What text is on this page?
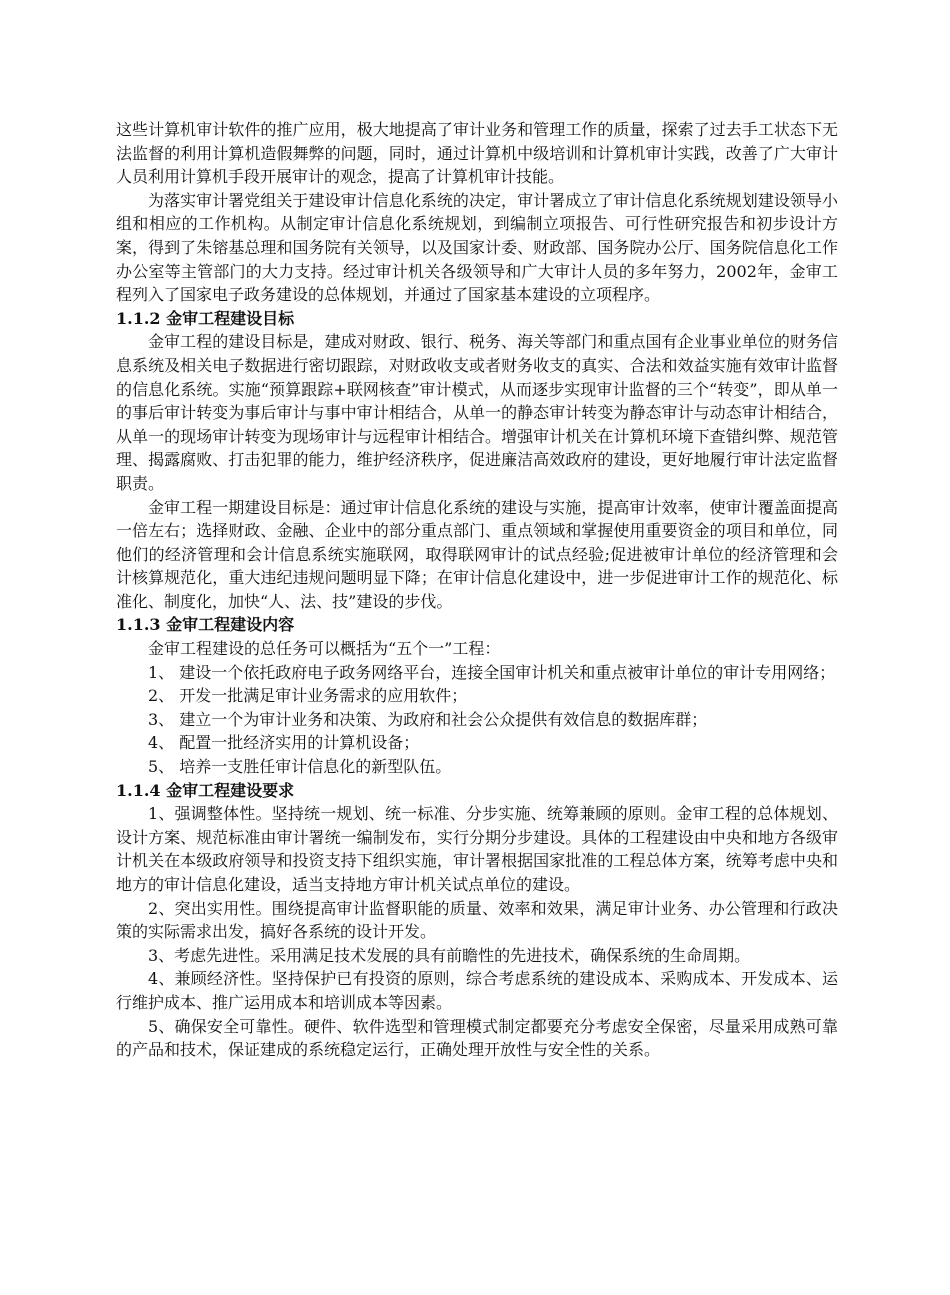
这些计算机审计软件的推广应用，极大地提高了审计业务和管理工作的质量，探索了过去手工状态下无法监督的利用计算机造假舞弊的问题，同时，通过计算机中级培训和计算机审计实践，改善了广大审计人员利用计算机手段开展审计的观念，提高了计算机审计技能。

为落实审计署党组关于建设审计信息化系统的决定，审计署成立了审计信息化系统规划建设领导小组和相应的工作机构。从制定审计信息化系统规划，到编制立项报告、可行性研究报告和初步设计方案，得到了朱镕基总理和国务院有关领导，以及国家计委、财政部、国务院办公厅、国务院信息化工作办公室等主管部门的大力支持。经过审计机关各级领导和广大审计人员的多年努力，2002年，金审工程列入了国家电子政务建设的总体规划，并通过了国家基本建设的立项程序。

1.1.2 金审工程建设目标

金审工程的建设目标是，建成对财政、银行、税务、海关等部门和重点国有企业事业单位的财务信息系统及相关电子数据进行密切跟踪，对财政收支或者财务收支的真实、合法和效益实施有效审计监督的信息化系统。实施“预算跟踪+联网核查”审计模式，从而逐步实现审计监督的三个“转变”，即从单一的事后审计转变为事后审计与事中审计相结合，从单一的静态审计转变为静态审计与动态审计相结合，从单一的现场审计转变为现场审计与远程审计相结合。增强审计机关在计算机环境下查错纠弊、规范管理、揭露腐败、打击犯罪的能力，维护经济秩序，促进廉洁高效政府的建设，更好地履行审计法定监督职责。

金审工程一期建设目标是：通过审计信息化系统的建设与实施，提高审计效率，使审计覆盖面提高一倍左右；选择财政、金融、企业中的部分重点部门、重点领域和掌握使用重要资金的项目和单位，同他们的经济管理和会计信息系统实施联网，取得联网审计的试点经验;促进被审计单位的经济管理和会计核算规范化，重大违纪违规问题明显下降；在审计信息化建设中，进一步促进审计工作的规范化、标准化、制度化，加快“人、法、技”建设的步伐。

1.1.3 金审工程建设内容

金审工程建设的总任务可以概括为“五个一”工程：

1、 建设一个依托政府电子政务网络平台，连接全国审计机关和重点被审计单位的审计专用网络；

2、 开发一批满足审计业务需求的应用软件；

3、 建立一个为审计业务和决策、为政府和社会公众提供有效信息的数据库群；

4、 配置一批经济实用的计算机设备；

5、 培养一支胜任审计信息化的新型队伍。

1.1.4 金审工程建设要求

1、强调整体性。坚持统一规划、统一标准、分步实施、统筹兼顾的原则。金审工程的总体规划、设计方案、规范标准由审计署统一编制发布，实行分期分步建设。具体的工程建设由中央和地方各级审计机关在本级政府领导和投资支持下组织实施，审计署根据国家批准的工程总体方案，统筹考虑中央和地方的审计信息化建设，适当支持地方审计机关试点单位的建设。

2、突出实用性。围绕提高审计监督职能的质量、效率和效果，满足审计业务、办公管理和行政决策的实际需求出发，搞好各系统的设计开发。

3、考虑先进性。采用满足技术发展的具有前瞻性的先进技术，确保系统的生命周期。

4、兼顾经济性。坚持保护已有投资的原则，综合考虑系统的建设成本、采购成本、开发成本、运行维护成本、推广运用成本和培训成本等因素。

5、确保安全可靠性。硬件、软件选型和管理模式制定都要充分考虑安全保密，尽量采用成熟可靠的产品和技术，保证建成的系统稳定运行，正确处理开放性与安全性的关系。
